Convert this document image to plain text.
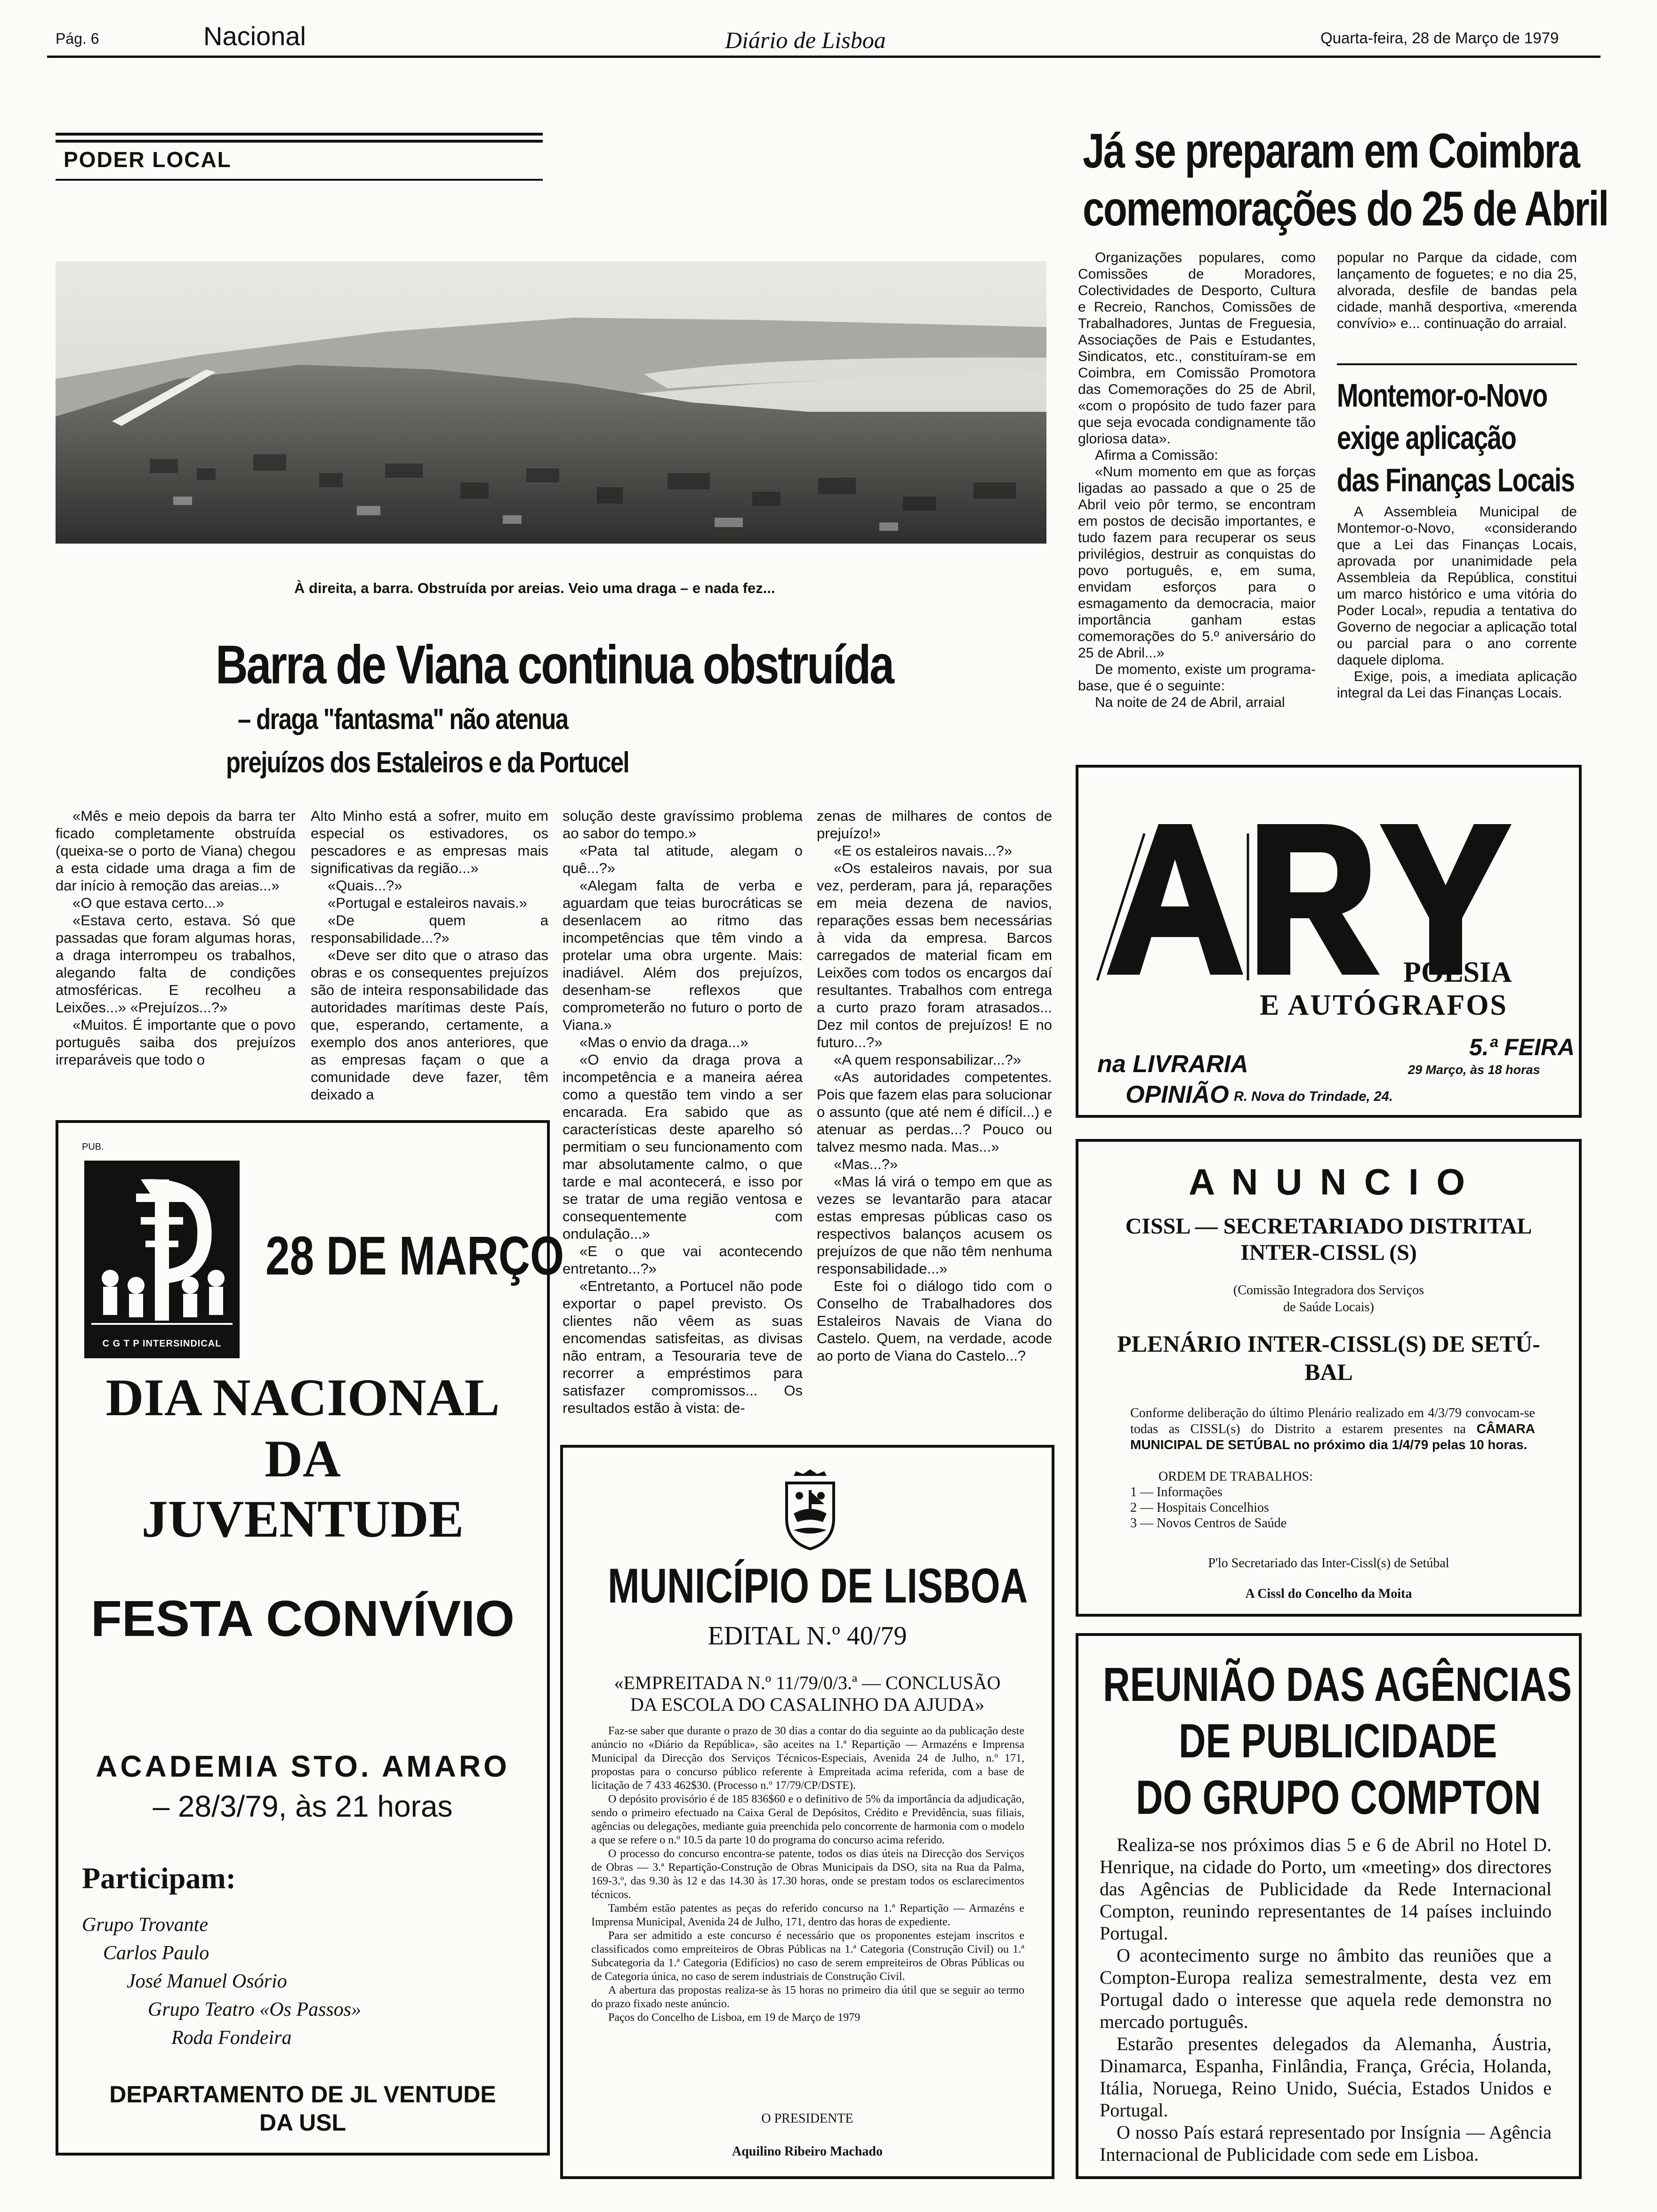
Pág. 6	Nacional	Diário de Lisboa	Quarta-feira, 28 de Março de 1979
PODER LOCAL
À direita, a barra. Obstruída por areias. Veio uma draga – e nada fez...
Barra de Viana continua obstruída
– draga "fantasma" não atenua
prejuízos dos Estaleiros e da Portucel

«Mês e meio depois da barra ter ficado completamente obstruída (queixa-se o porto de Viana) chegou a esta cidade uma draga a fim de dar início à remoção das areias...»

«O que estava certo...»

«Estava certo, estava. Só que passadas que foram algumas horas, a draga interrompeu os trabalhos, alegando falta de condições atmosféricas. E recolheu a Leixões...» «Prejuízos...?»

«Muitos. É importante que o povo português saiba dos prejuízos irreparáveis que todo o

Alto Minho está a sofrer, muito em especial os estivadores, os pescadores e as empresas mais significativas da região...»

«Quais...?»

«Portugal e estaleiros navais.»

«De quem a responsabilidade...?»

«Deve ser dito que o atraso das obras e os consequentes prejuízos são de inteira responsabilidade das autoridades marítimas deste País, que, esperando, certamente, a exemplo dos anos anteriores, que as empresas façam o que a comunidade deve fazer, têm deixado a

solução deste gravíssimo problema ao sabor do tempo.»

«Pata tal atitude, alegam o quê...?»

«Alegam falta de verba e aguardam que teias burocráticas se desenlacem ao ritmo das incompetências que têm vindo a protelar uma obra urgente. Mais: inadiável. Além dos prejuízos, desenham-se reflexos que comprometerão no futuro o porto de Viana.»

«Mas o envio da draga...»

«O envio da draga prova a incompetência e a maneira aérea como a questão tem vindo a ser encarada. Era sabido que as características deste aparelho só permitiam o seu funcionamento com mar absolutamente calmo, o que tarde e mal acontecerá, e isso por se tratar de uma região ventosa e consequentemente com ondulação...»

«E o que vai acontecendo entretanto...?»

«Entretanto, a Portucel não pode exportar o papel previsto. Os clientes não vêem as suas encomendas satisfeitas, as divisas não entram, a Tesouraria teve de recorrer a empréstimos para satisfazer compromissos... Os resultados estão à vista: de-

zenas de milhares de contos de prejuízo!»

«E os estaleiros navais...?»

«Os estaleiros navais, por sua vez, perderam, para já, reparações em meia dezena de navios, reparações essas bem necessárias à vida da empresa. Barcos carregados de material ficam em Leixões com todos os encargos daí resultantes. Trabalhos com entrega a curto prazo foram atrasados... Dez mil contos de prejuízos! E no futuro...?»

«A quem responsabilizar...?»

«As autoridades competentes. Pois que fazem elas para solucionar o assunto (que até nem é difícil...) e atenuar as perdas...? Pouco ou talvez mesmo nada. Mas...»

«Mas...?»

«Mas lá virá o tempo em que as vezes se levantarão para atacar estas empresas públicas caso os respectivos balanços acusem os prejuízos de que não têm nenhuma responsabilidade...»

Este foi o diálogo tido com o Conselho de Trabalhadores dos Estaleiros Navais de Viana do Castelo. Quem, na verdade, acode ao porto de Viana do Castelo...?

Já se preparam em Coimbra
comemorações do 25 de Abril

Organizações populares, como Comissões de Moradores, Colectividades de Desporto, Cultura e Recreio, Ranchos, Comissões de Trabalhadores, Juntas de Freguesia, Associações de Pais e Estudantes, Sindicatos, etc., constituíram-se em Coimbra, em Comissão Promotora das Comemorações do 25 de Abril, «com o propósito de tudo fazer para que seja evocada condignamente tão gloriosa data».

Afirma a Comissão:

«Num momento em que as forças ligadas ao passado a que o 25 de Abril veio pôr termo, se encontram em postos de decisão importantes, e tudo fazem para recuperar os seus privilégios, destruir as conquistas do povo português, e, em suma, envidam esforços para o esmagamento da democracia, maior importância ganham estas comemorações do 5.º aniversário do 25 de Abril...»

De momento, existe um programa-base, que é o seguinte:

Na noite de 24 de Abril, arraial

popular no Parque da cidade, com lançamento de foguetes; e no dia 25, alvorada, desfile de bandas pela cidade, manhã desportiva, «merenda convívio» e... continuação do arraial.

Montemor-o-Novo
exige aplicação
das Finanças Locais

A Assembleia Municipal de Montemor-o-Novo, «considerando que a Lei das Finanças Locais, aprovada por unanimidade pela Assembleia da República, constitui um marco histórico e uma vitória do Poder Local», repudia a tentativa do Governo de negociar a aplicação total ou parcial para o ano corrente daquele diploma.

Exige, pois, a imediata aplicação integral da Lei das Finanças Locais.

POESIA
E AUTÓGRAFOS
5.ª FEIRA
29 Março, às 18 horas
na LIVRARIA
OPINIÃO R. Nova do Trindade, 24.
A N U N C I O
CISSL — SECRETARIADO DISTRITAL
INTER-CISSL (S)
(Comissão Integradora dos Serviços
de Saúde Locais)
PLENÁRIO INTER-CISSL(S) DE SETÚ-
BAL
Conforme deliberação do último Plenário realizado em 4/3/79 convocam-se todas as CISSL(s) do Distrito a estarem presentes na CÂMARA MUNICIPAL DE SETÚBAL no próximo dia 1/4/79 pelas 10 horas.

ORDEM DE TRABALHOS:

1 — Informações

2 — Hospitais Concelhios

3 — Novos Centros de Saúde

P'lo Secretariado das Inter-Cissl(s) de Setúbal
A Cissl do Concelho da Moita
PUB.
C G T P INTERSINDICAL
28 DE MARÇO
DIA NACIONAL
DA
JUVENTUDE
FESTA CONVÍVIO
ACADEMIA STO. AMARO
– 28/3/79, às 21 horas
Participam:
Grupo Trovante
Carlos Paulo
José Manuel Osório
Grupo Teatro «Os Passos»
Roda Fondeira
DEPARTAMENTO DE JL VENTUDE
DA USL
MUNICÍPIO DE LISBOA
EDITAL N.º 40/79
«EMPREITADA N.º 11/79/0/3.ª — CONCLUSÃO
DA ESCOLA DO CASALINHO DA AJUDA»

Faz-se saber que durante o prazo de 30 dias a contar do dia seguinte ao da publicação deste anúncio no «Diário da República», são aceites na 1.ª Repartição — Armazéns e Imprensa Municipal da Direcção dos Serviços Técnicos-Especiais, Avenida 24 de Julho, n.º 171, propostas para o concurso público referente à Empreitada acima referida, com a base de licitação de 7 433 462$30. (Processo n.º 17/79/CP/DSTE).

O depósito provisório é de 185 836$60 e o definitivo de 5% da importância da adjudicação, sendo o primeiro efectuado na Caixa Geral de Depósitos, Crédito e Previdência, suas filiais, agências ou delegações, mediante guia preenchida pelo concorrente de harmonia com o modelo a que se refere o n.º 10.5 da parte 10 do programa do concurso acima referido.

O processo do concurso encontra-se patente, todos os dias úteis na Direcção dos Serviços de Obras — 3.ª Repartição-Construção de Obras Municipais da DSO, sita na Rua da Palma, 169-3.º, das 9.30 às 12 e das 14.30 às 17.30 horas, onde se prestam todos os esclarecimentos técnicos.

Também estão patentes as peças do referido concurso na 1.ª Repartição — Armazéns e Imprensa Municipal, Avenida 24 de Julho, 171, dentro das horas de expediente.

Para ser admitido a este concurso é necessário que os proponentes estejam inscritos e classificados como empreiteiros de Obras Públicas na 1.ª Categoria (Construção Civil) ou 1.ª Subcategoria da 1.ª Categoria (Edifícios) no caso de serem empreiteiros de Obras Públicas ou de Categoria única, no caso de serem industriais de Construção Civil.

A abertura das propostas realiza-se às 15 horas no primeiro dia útil que se seguir ao termo do prazo fixado neste anúncio.

Paços do Concelho de Lisboa, em 19 de Março de 1979

O PRESIDENTE
Aquilino Ribeiro Machado
REUNIÃO DAS AGÊNCIAS
DE PUBLICIDADE
DO GRUPO COMPTON

Realiza-se nos próximos dias 5 e 6 de Abril no Hotel D. Henrique, na cidade do Porto, um «meeting» dos directores das Agências de Publicidade da Rede Internacional Compton, reunindo representantes de 14 países incluindo Portugal.

O acontecimento surge no âmbito das reuniões que a Compton-Europa realiza semestralmente, desta vez em Portugal dado o interesse que aquela rede demonstra no mercado português.

Estarão presentes delegados da Alemanha, Áustria, Dinamarca, Espanha, Finlândia, França, Grécia, Holanda, Itália, Noruega, Reino Unido, Suécia, Estados Unidos e Portugal.

O nosso País estará representado por Insígnia — Agência Internacional de Publicidade com sede em Lisboa.
